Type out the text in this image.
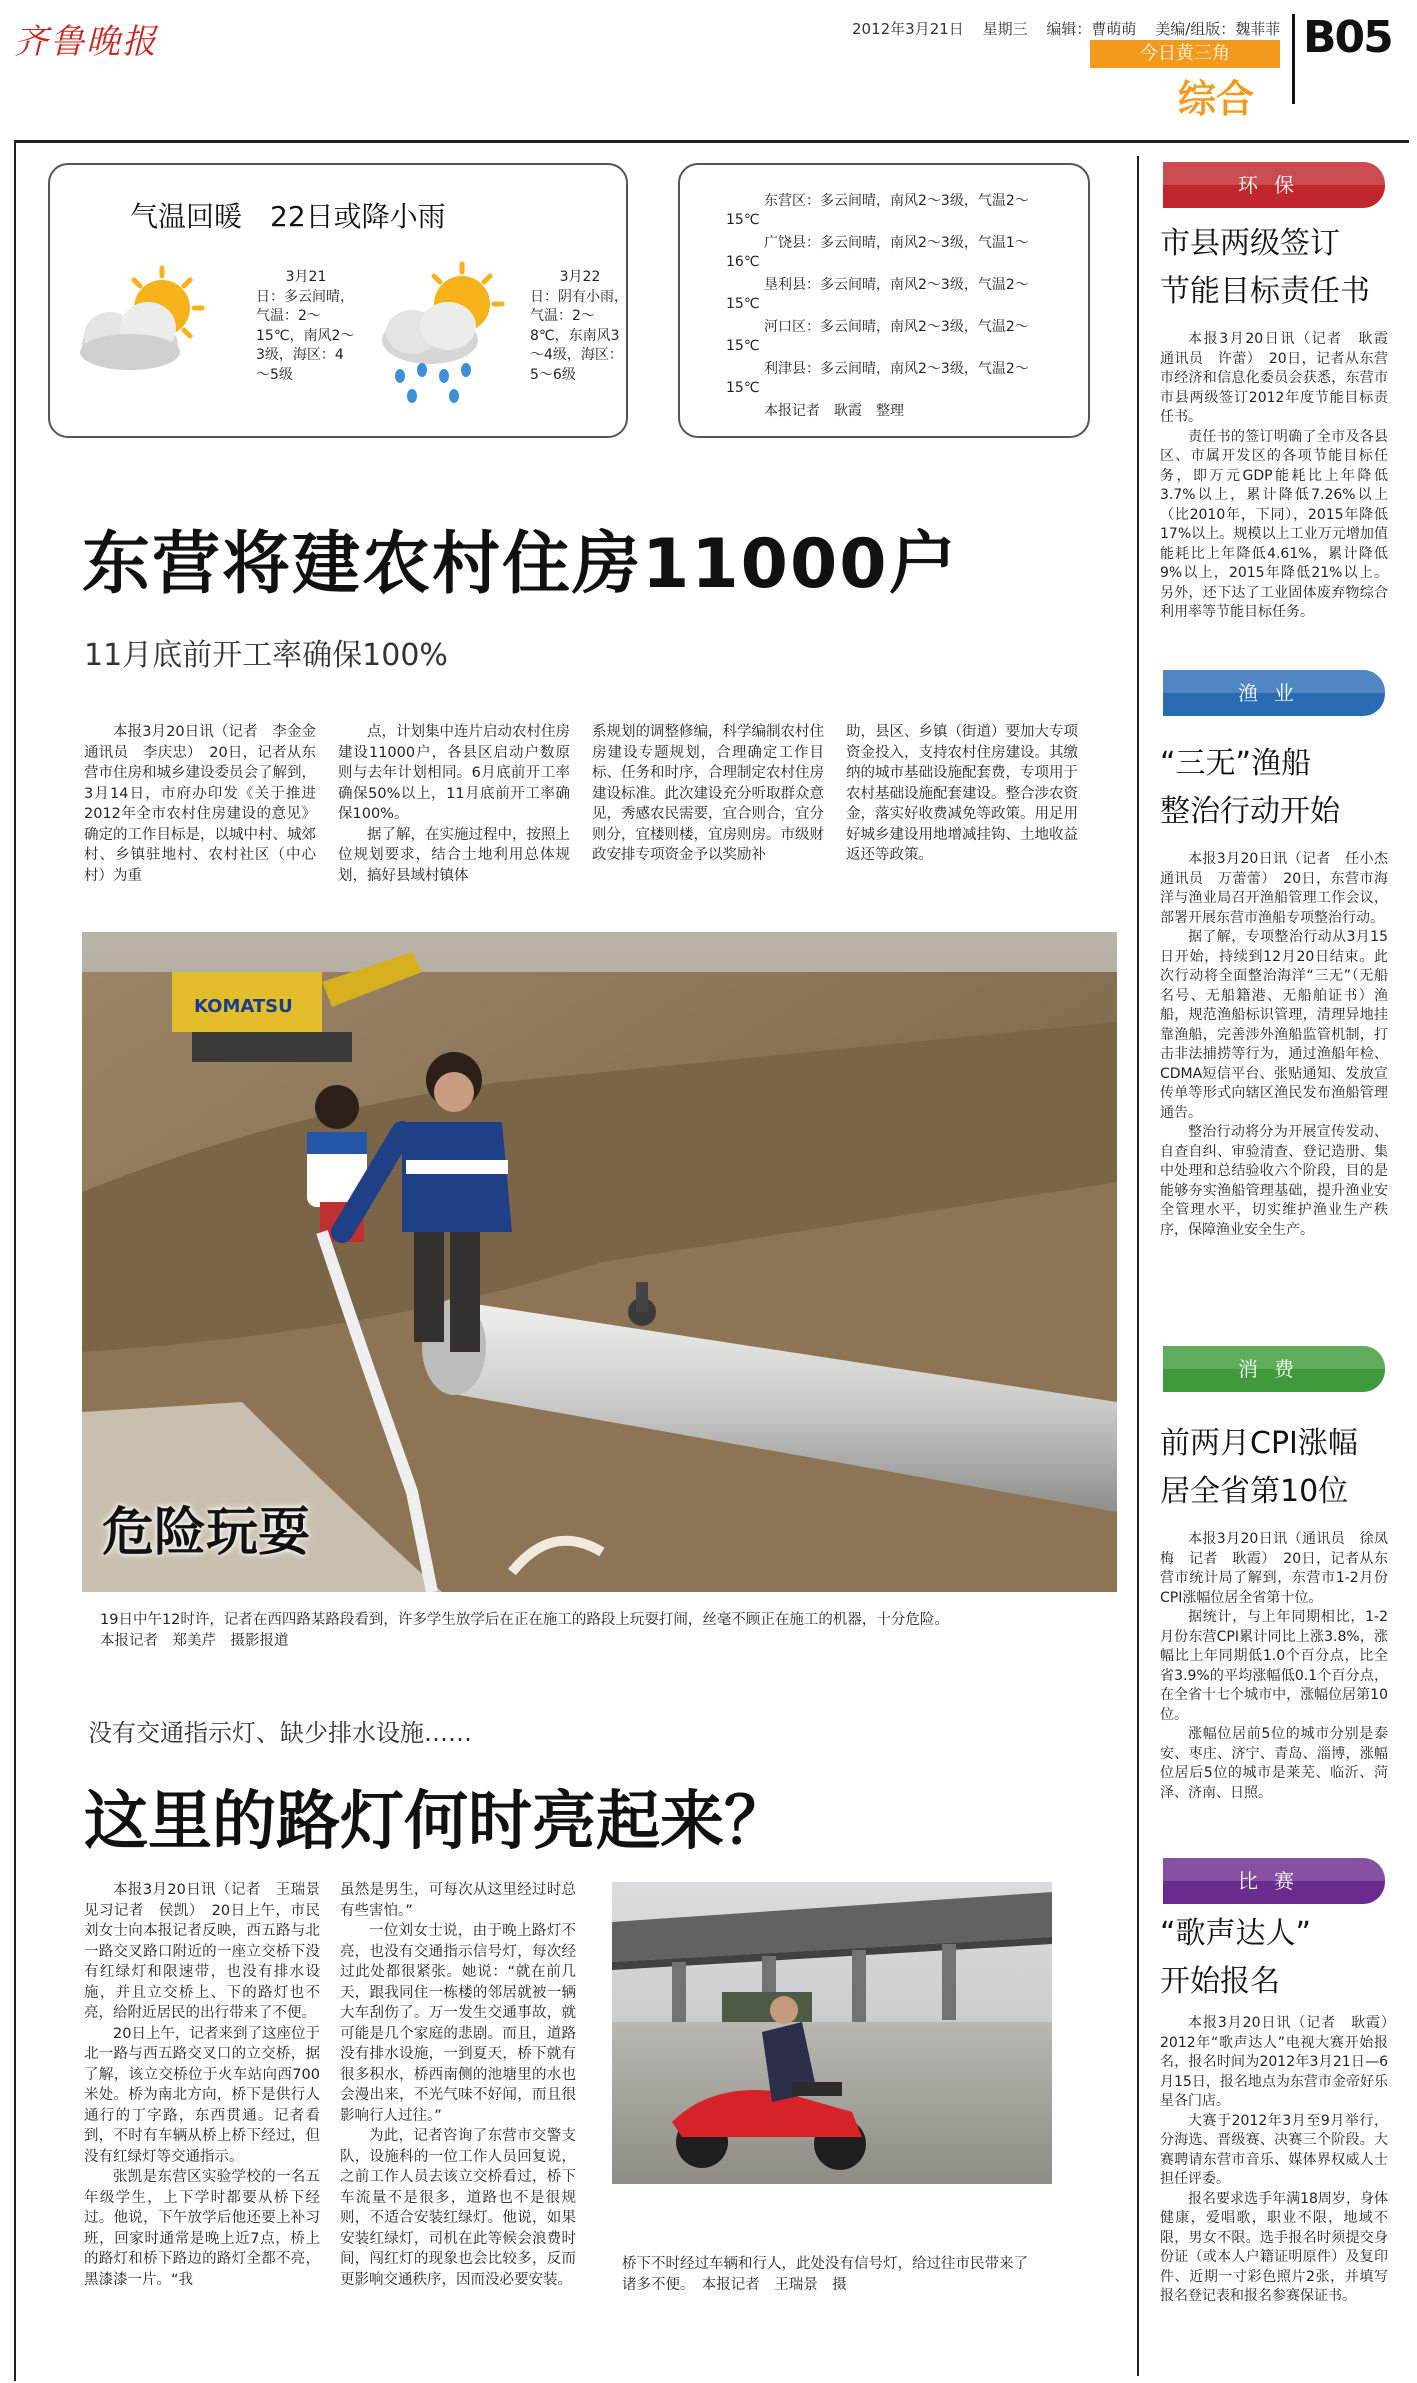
齐鲁晚报	2012年3月21日 星期三 编辑：曹萌萌 美编/组版：魏菲菲
今日黄三角
综合
B05
气温回暖　22日或降小雨
3月21
日：多云间晴，气温：2～15℃，南风2～3级，海区：4～5级
3月22
日：阴有小雨，气温：2～8℃，东南风3～4级，海区：5～6级
东营区：多云间晴，南风2～3级，气温2～
15℃
广饶县：多云间晴，南风2～3级，气温1～
16℃
垦利县：多云间晴，南风2～3级，气温2～
15℃
河口区：多云间晴，南风2～3级，气温2～
15℃
利津县：多云间晴，南风2～3级，气温2～
15℃
本报记者　耿霞　整理
东营将建农村住房11000户
11月底前开工率确保100%

本报3月20日讯（记者　李金金　通讯员　李庆忠）　20日，记者从东营市住房和城乡建设委员会了解到，3月14日，市府办印发《关于推进2012年全市农村住房建设的意见》确定的工作目标是，以城中村、城郊村、乡镇驻地村、农村社区（中心村）为重

点，计划集中连片启动农村住房建设11000户，各县区启动户数原则与去年计划相同。6月底前开工率确保50%以上，11月底前开工率确保100%。

据了解，在实施过程中，按照上位规划要求，结合土地利用总体规划，搞好县域村镇体

系规划的调整修编，科学编制农村住房建设专题规划，合理确定工作目标、任务和时序，合理制定农村住房建设标准。此次建设充分听取群众意见，秀感农民需要，宜合则合，宜分则分，宜楼则楼，宜房则房。市级财政安排专项资金予以奖励补

助，县区、乡镇（街道）要加大专项资金投入，支持农村住房建设。其缴纳的城市基础设施配套费，专项用于农村基础设施配套建设。整合涉农资金，落实好收费减免等政策。用足用好城乡建设用地增减挂钩、土地收益返还等政策。

KOMATSU
危险玩耍
19日中午12时许，记者在西四路某路段看到，许多学生放学后在正在施工的路段上玩耍打闹，丝毫不顾正在施工的机器，十分危险。
本报记者　郑美芹　摄影报道
没有交通指示灯、缺少排水设施……
这里的路灯何时亮起来？

本报3月20日讯（记者　王瑞景　见习记者　侯凯）　20日上午，市民刘女士向本报记者反映，西五路与北一路交叉路口附近的一座立交桥下没有红绿灯和限速带，也没有排水设施，并且立交桥上、下的路灯也不亮，给附近居民的出行带来了不便。

20日上午，记者来到了这座位于北一路与西五路交叉口的立交桥，据了解，该立交桥位于火车站向西700米处。桥为南北方向，桥下是供行人通行的丁字路，东西贯通。记者看到，不时有车辆从桥上桥下经过，但没有红绿灯等交通指示。

张凯是东营区实验学校的一名五年级学生，上下学时都要从桥下经过。他说，下午放学后他还要上补习班，回家时通常是晚上近7点，桥上的路灯和桥下路边的路灯全都不亮，黑漆漆一片。“我

虽然是男生，可每次从这里经过时总有些害怕。”

一位刘女士说，由于晚上路灯不亮，也没有交通指示信号灯，每次经过此处都很紧张。她说：“就在前几天，跟我同住一栋楼的邻居就被一辆大车刮伤了。万一发生交通事故，就可能是几个家庭的悲剧。而且，道路没有排水设施，一到夏天，桥下就有很多积水，桥西南侧的池塘里的水也会漫出来，不光气味不好闻，而且很影响行人过往。”

为此，记者咨询了东营市交警支队，设施科的一位工作人员回复说，之前工作人员去该立交桥看过，桥下车流量不是很多，道路也不是很规则，不适合安装红绿灯。他说，如果安装红绿灯，司机在此等候会浪费时间，闯红灯的现象也会比较多，反而更影响交通秩序，因而没必要安装。

桥下不时经过车辆和行人，此处没有信号灯，给过往市民带来了诸多不便。　本报记者　王瑞景　摄
环保
市县两级签订
节能目标责任书

本报3月20日讯（记者　耿霞　通讯员　许蕾）　20日，记者从东营市经济和信息化委员会获悉，东营市市县两级签订2012年度节能目标责任书。

责任书的签订明确了全市及各县区、市属开发区的各项节能目标任务，即万元GDP能耗比上年降低3.7%以上，累计降低7.26%以上（比2010年，下同），2015年降低17%以上。规模以上工业万元增加值能耗比上年降低4.61%，累计降低9%以上，2015年降低21%以上。另外，还下达了工业固体废弃物综合利用率等节能目标任务。

渔业
“三无”渔船
整治行动开始

本报3月20日讯（记者　任小杰　通讯员　万蕾蕾）　20日，东营市海洋与渔业局召开渔船管理工作会议，部署开展东营市渔船专项整治行动。

据了解，专项整治行动从3月15日开始，持续到12月20日结束。此次行动将全面整治海洋“三无”（无船名号、无船籍港、无船舶证书）渔船，规范渔船标识管理，清理异地挂靠渔船，完善涉外渔船监管机制，打击非法捕捞等行为，通过渔船年检、CDMA短信平台、张贴通知、发放宣传单等形式向辖区渔民发布渔船管理通告。

整治行动将分为开展宣传发动、自查自纠、审验清查、登记造册、集中处理和总结验收六个阶段，目的是能够夯实渔船管理基础，提升渔业安全管理水平，切实维护渔业生产秩序，保障渔业安全生产。

消费
前两月CPI涨幅
居全省第10位

本报3月20日讯（通讯员　徐凤梅　记者　耿霞）　20日，记者从东营市统计局了解到，东营市1-2月份CPI涨幅位居全省第十位。

据统计，与上年同期相比，1-2月份东营CPI累计同比上涨3.8%，涨幅比上年同期低1.0个百分点，比全省3.9%的平均涨幅低0.1个百分点，在全省十七个城市中，涨幅位居第10位。

涨幅位居前5位的城市分别是泰安、枣庄、济宁、青岛、淄博，涨幅位居后5位的城市是莱芜、临沂、菏泽、济南、日照。

比赛
“歌声达人”
开始报名

本报3月20日讯（记者　耿霞）　2012年“歌声达人”电视大赛开始报名，报名时间为2012年3月21日—6月15日，报名地点为东营市金帝好乐星各门店。

大赛于2012年3月至9月举行，分海选、晋级赛、决赛三个阶段。大赛聘请东营市音乐、媒体界权威人士担任评委。

报名要求选手年满18周岁，身体健康，爱唱歌，职业不限，地域不限，男女不限。选手报名时须提交身份证（或本人户籍证明原件）及复印件、近期一寸彩色照片2张，并填写报名登记表和报名参赛保证书。
